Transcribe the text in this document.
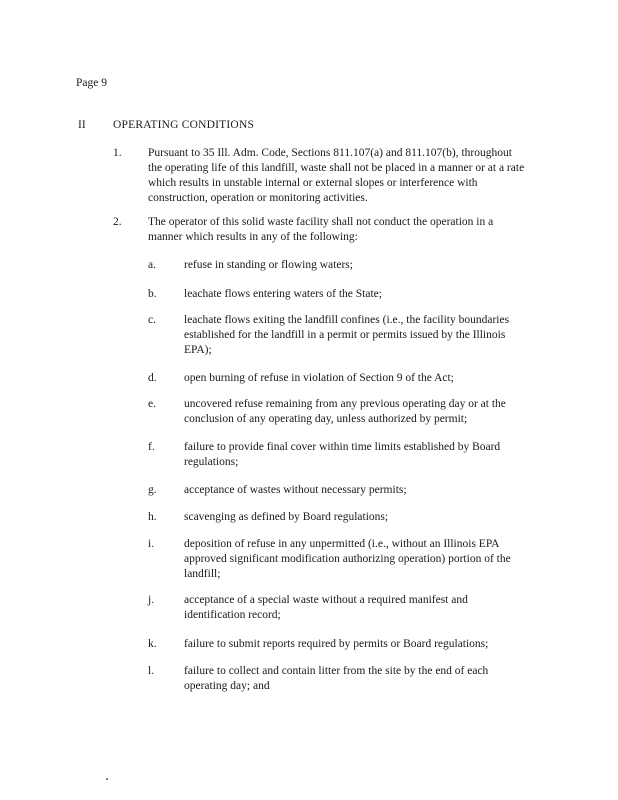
Page 9
II OPERATING CONDITIONS
1. Pursuant to 35 Ill. Adm. Code, Sections 811.107(a) and 811.107(b), throughout the operating life of this landfill, waste shall not be placed in a manner or at a rate which results in unstable internal or external slopes or interference with construction, operation or monitoring activities.
2. The operator of this solid waste facility shall not conduct the operation in a manner which results in any of the following:
a. refuse in standing or flowing waters;
b. leachate flows entering waters of the State;
c. leachate flows exiting the landfill confines (i.e., the facility boundaries established for the landfill in a permit or permits issued by the Illinois EPA);
d. open burning of refuse in violation of Section 9 of the Act;
e. uncovered refuse remaining from any previous operating day or at the conclusion of any operating day, unless authorized by permit;
f.	failure to provide final cover within time limits established by Board regulations;
g. acceptance of wastes without necessary permits;
h. scavenging as defined by Board regulations;
i.	deposition of refuse in any unpermitted (i.e., without an Illinois EPA approved significant modification authorizing operation) portion of the landfill;
j.	acceptance of a special waste without a required manifest and identification record;
k. failure to submit reports required by permits or Board regulations;
l.	failure to collect and contain litter from the site by the end of each operating day; and
